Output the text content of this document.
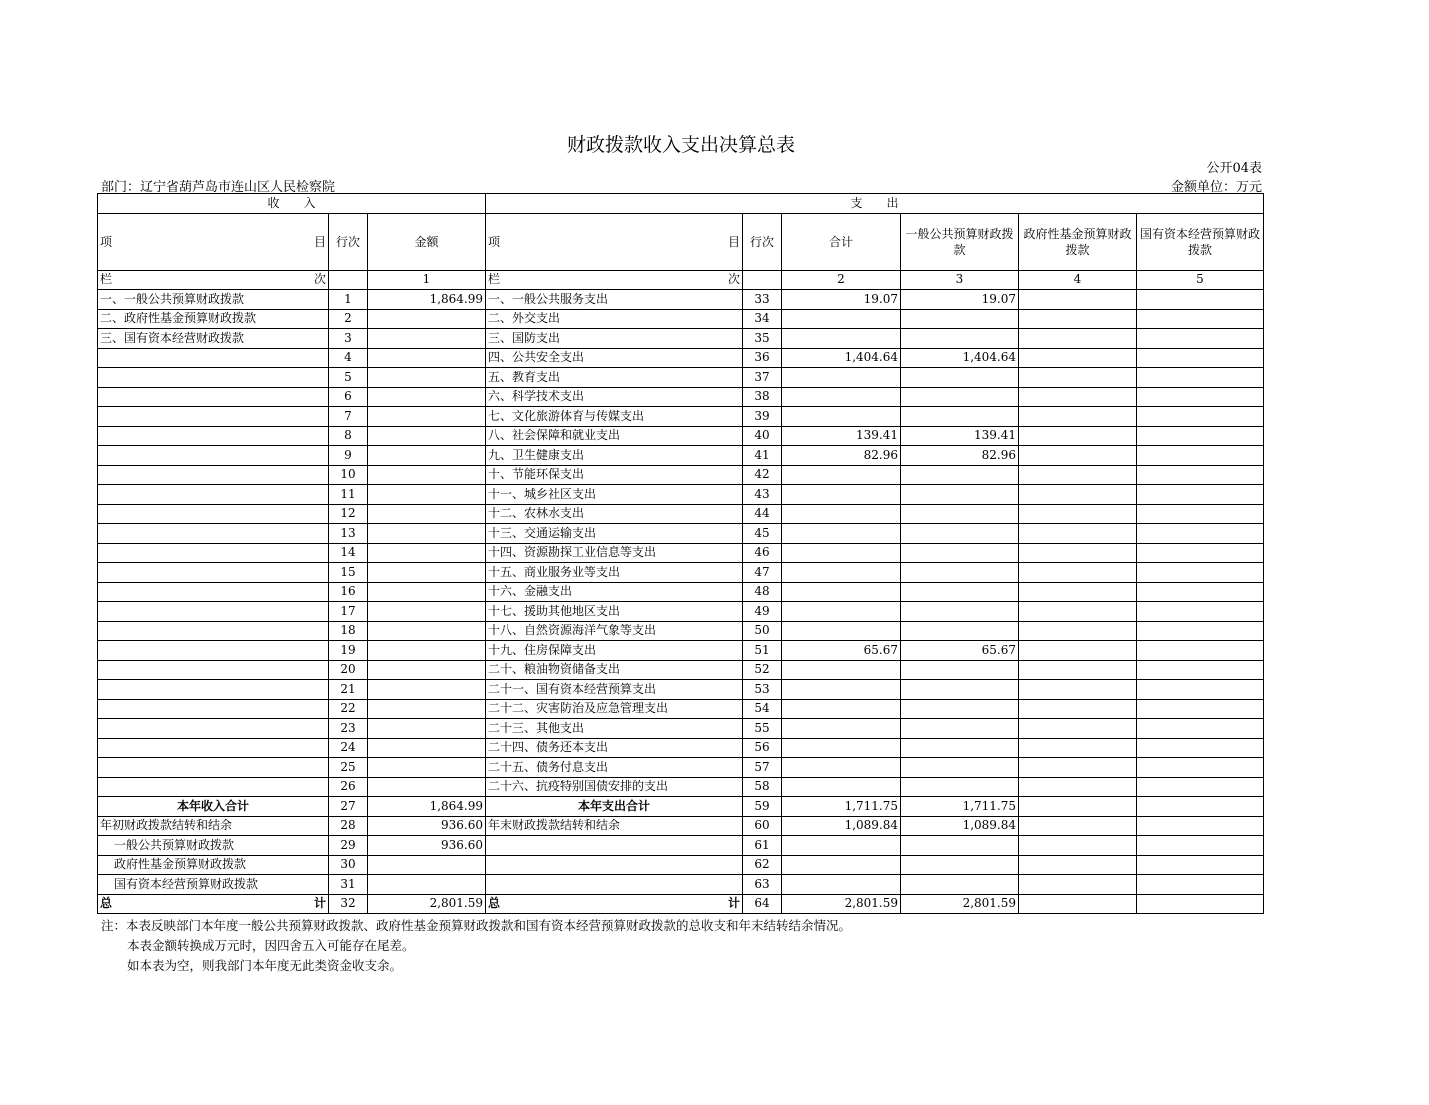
财政拨款收入支出决算总表
公开04表
部门：辽宁省葫芦岛市连山区人民检察院	金额单位：万元
收　　入			支　　出					

项 目	行次	金额	项 目	行次	合计	一般公共预算财政拨款	政府性基金预算财政拨款	国有资本经营预算财政拨款

栏 次		1	栏 次		2	3	4	5
一、一般公共预算财政拨款	1	1,864.99	一、一般公共服务支出	33	19.07	19.07		
二、政府性基金预算财政拨款	2		二、外交支出	34				
三、国有资本经营财政拨款	3		三、国防支出	35				
	4		四、公共安全支出	36	1,404.64	1,404.64		
	5		五、教育支出	37				
	6		六、科学技术支出	38				
	7		七、文化旅游体育与传媒支出	39				
	8		八、社会保障和就业支出	40	139.41	139.41		
	9		九、卫生健康支出	41	82.96	82.96		
	10		十、节能环保支出	42				
	11		十一、城乡社区支出	43				
	12		十二、农林水支出	44				
	13		十三、交通运输支出	45				
	14		十四、资源勘探工业信息等支出	46				
	15		十五、商业服务业等支出	47				
	16		十六、金融支出	48				
	17		十七、援助其他地区支出	49				
	18		十八、自然资源海洋气象等支出	50				
	19		十九、住房保障支出	51	65.67	65.67		
	20		二十、粮油物资储备支出	52				
	21		二十一、国有资本经营预算支出	53				
	22		二十二、灾害防治及应急管理支出	54				
	23		二十三、其他支出	55				
	24		二十四、债务还本支出	56				
	25		二十五、债务付息支出	57				
	26		二十六、抗疫特别国债安排的支出	58				
本年收入合计	27	1,864.99	本年支出合计	59	1,711.75	1,711.75		
年初财政拨款结转和结余	28	936.60	年末财政拨款结转和结余	60	1,089.84	1,089.84		
一般公共预算财政拨款	29	936.60		61				
政府性基金预算财政拨款	30			62				
国有资本经营预算财政拨款	31			63				

总 计	32	2,801.59	总 计	64	2,801.59	2,801.59		
注：本表反映部门本年度一般公共预算财政拨款、政府性基金预算财政拨款和国有资本经营预算财政拨款的总收支和年末结转结余情况。
本表金额转换成万元时，因四舍五入可能存在尾差。
如本表为空，则我部门本年度无此类资金收支余。
